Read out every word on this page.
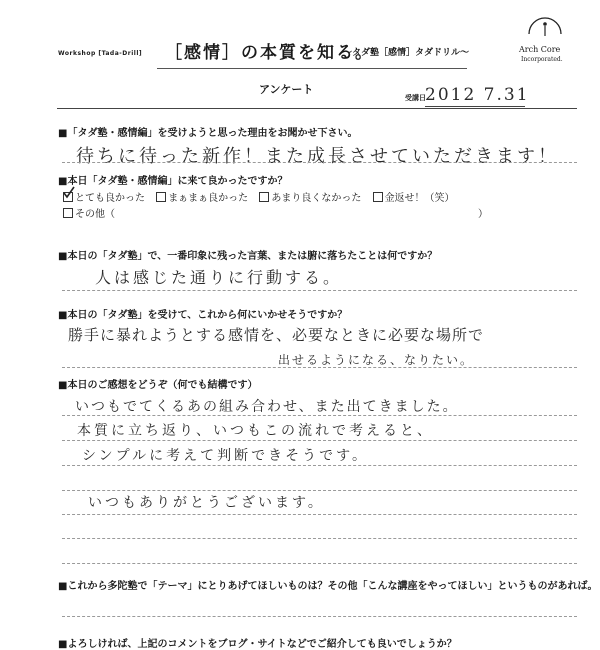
Workshop [Tada-Drill] ［感情］の本質を知る。
～タダ塾［感情］タダドリル～	Arch Core
Incorporated.
アンケート
受講日 2012 7.31
■「タダ塾・感情編」を受けようと思った理由をお聞かせ下さい。
待ちに待った新作！また成長させていただきます！
■本日「タダ塾・感情編」に来て良かったですか？
とても良かった まぁまぁ良かった あまり良くなかった 金返せ！（笑）
その他（	）
■本日の「タダ塾」で、一番印象に残った言葉、または腑に落ちたことは何ですか？
人は感じた通りに行動する。
■本日の「タダ塾」を受けて、これから何にいかせそうですか？
勝手に暴れようとする感情を、必要なときに必要な場所で
出せるようになる、なりたい。
■本日のご感想をどうぞ（何でも結構です）
いつもでてくるあの組み合わせ、また出てきました。
本質に立ち返り、いつもこの流れで考えると、
シンプルに考えて判断できそうです。
いつもありがとうございます。
■これから多陀塾で「テーマ」にとりあげてほしいものは？その他「こんな講座をやってほしい」というものがあれば。
■よろしければ、上記のコメントをブログ・サイトなどでご紹介しても良いでしょうか？
